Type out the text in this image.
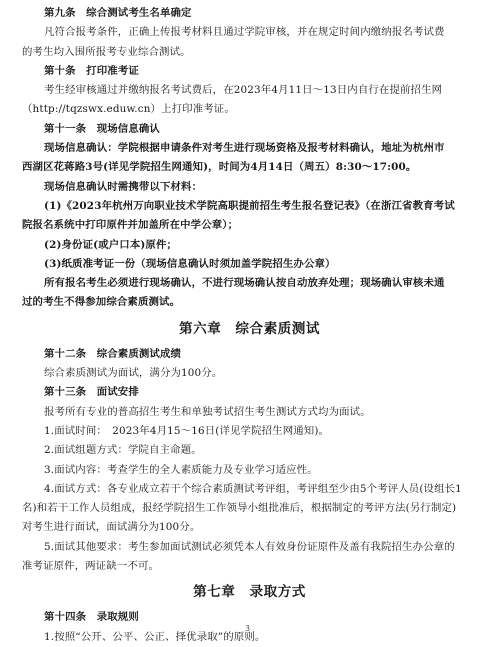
第九条　综合测试考生名单确定

凡符合报考条件，正确上传报考材料且通过学院审核，并在规定时间内缴纳报名考试费

的考生均入围所报考专业综合测试。

第十条　打印准考证

考生经审核通过并缴纳报名考试费后，在2023年4月11日～13日内自行在提前招生网

（http://tqzswx.eduw.cn）上打印准考证。

第十一条　现场信息确认

现场信息确认：学院根据申请条件对考生进行现场资格及报考材料确认，地址为杭州市

西湖区花蒋路3号(详见学院招生网通知)，时间为4月14日（周五）8:30～17:00。

现场信息确认时需携带以下材料：

(1)《2023年杭州万向职业技术学院高职提前招生考生报名登记表》（在浙江省教育考试

院报名系统中打印原件并加盖所在中学公章）；

(2)身份证(或户口本)原件；

(3)纸质准考证一份（现场信息确认时须加盖学院招生办公章）

所有报名考生必须进行现场确认，不进行现场确认按自动放弃处理；现场确认审核未通

过的考生不得参加综合素质测试。

第六章　综合素质测试

第十二条　综合素质测试成绩

综合素质测试为面试，满分为100分。

第十三条　面试安排

报考所有专业的普高招生考生和单独考试招生考生测试方式均为面试。

1.面试时间：　2023年4月15～16日(详见学院招生网通知)。

2.面试组题方式：学院自主命题。

3.面试内容：考查学生的全人素质能力及专业学习适应性。

4.面试方式：各专业成立若干个综合素质测试考评组，考评组至少由5个考评人员(设组长1

名)和若干工作人员组成，报经学院招生工作领导小组批准后，根据制定的考评方法(另行制定)

对考生进行面试，面试满分为100分。

5.面试其他要求：考生参加面试测试必须凭本人有效身份证原件及盖有我院招生办公章的

准考证原件，两证缺一不可。

第七章　录取方式

第十四条　录取规则

1.按照“公开、公平、公正、择优录取”的原则。

3
